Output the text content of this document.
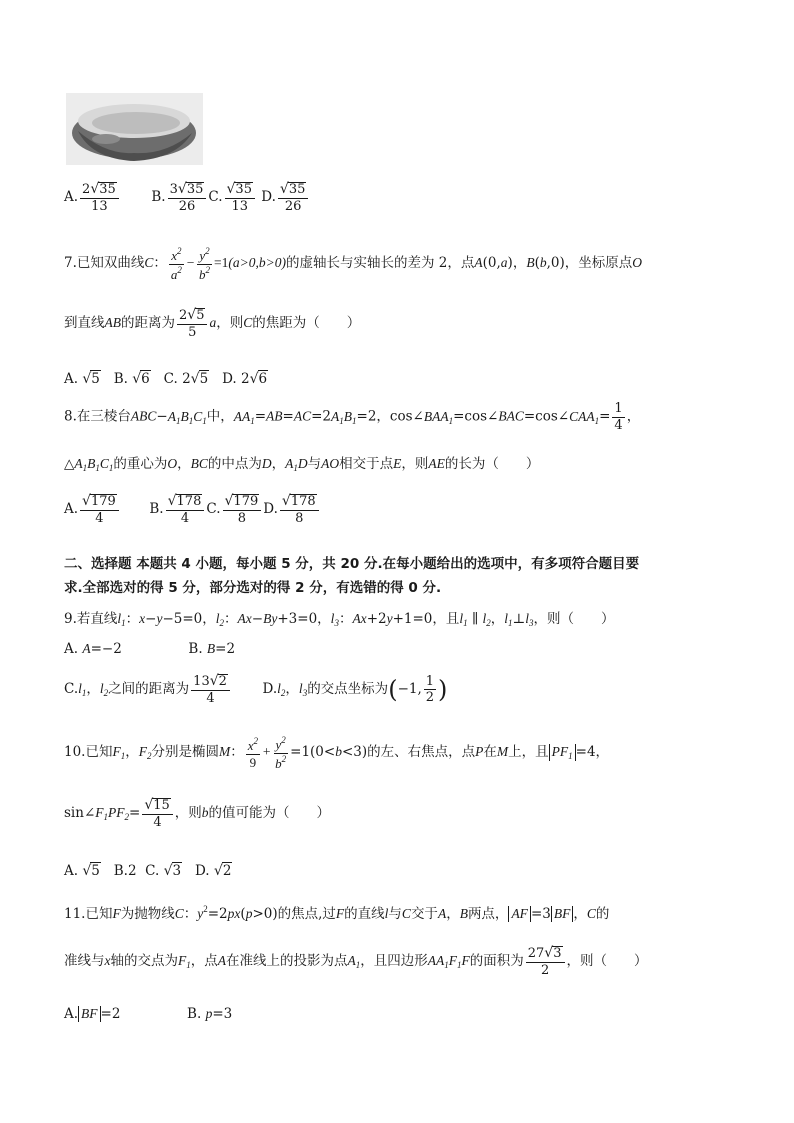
A. $\frac{2 √ 35}{13} B$. $\frac{3 √ 35}{26} C$. $\frac{√ 35}{13} D$. $\frac{√ 35}{26}$
7.已知双曲线C： $\frac{x^2}{a^2} - \frac{y^2}{b^2} =1(a>0,b>0)$的虚轴长与实轴长的差为 2，点A(0,a)，B(b,0)，坐标原点O
到直线AB的距离为 $\frac{2 √ 5}{5}$ a，则C的焦距为（　　）
A. √ 5 B. √ 6 C. 2 √ 5 D. 2 √ 6
8.在三棱台$ABC-A_1B_1C_1$中，$AA_1=AB=AC=2A_1B_1=2$，$\cos\angle BAA_1=\cos\angle BAC=\cos\angle CAA_1= \frac{1}{4}$ ，
$\triangle A_1B_1C_1$的重心为O，BC的中点为D，$A_1D$与AO相交于点E，则AE的长为（　　）
A. $\frac{√ 179}{4} B$. $\frac{√ 178}{4} C$. $\frac{√ 179}{8} D$. $\frac{√ 178}{8}$
二、选择题 本题共 4 小题，每小题 5 分，共 20 分.在每小题给出的选项中，有多项符合题目要
求.全部选对的得 5 分，部分选对的得 2 分，有选错的得 0 分.
9.若直线$l_1$：x−y−5=0，$l_2$：Ax−By+3=0，$l_3$：Ax+2y+1=0，且$l_1$ ∥ $l_2$，$l_1\perp l_3$，则（　　）
A. A=−2	B. B=2
$C.l_1$，$l_2$之间的距离为 $\frac{13 √ 2}{4} D.l_2$，$l_3$的交点坐标为(−1, $\frac{1}{2}$ )
10.已知$F_1$，$F_2$分别是椭圆M： $\frac{x^2}{9} + \frac{y^2}{b^2} =1(0<b<3)$的左、右焦点，点P在M上，且 $PF_1 =4$，
$\sin\angle F_1PF_2= \frac{√ 15}{4}$ ，则b的值可能为（　　）
A. √ 5 B.2 C. √ 3 D. √ 2
11.已知F为抛物线C：$y^2=2px(p>0)$的焦点,过F的直线l与C交于A，B两点， AF =3 BF ，C的
准线与x轴的交点为$F_1$，点A在准线上的投影为点$A_1$，且四边形$AA_1F_1F$的面积为 $\frac{27 √ 3}{2}$ ，则（　　）
A. BF =2	B. p=3
